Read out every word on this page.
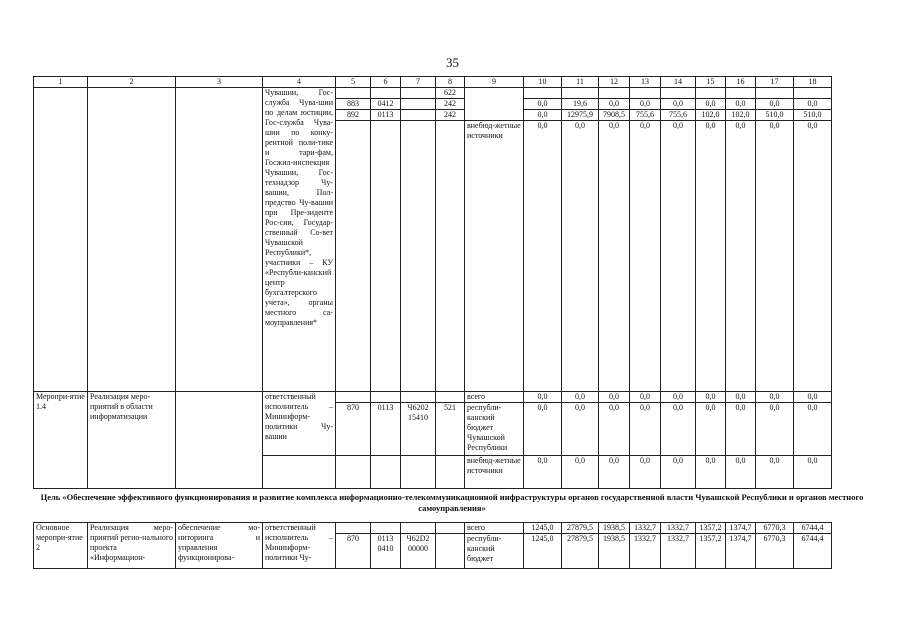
35
1	2	3	4	5	6	7	8	9	10	11	12	13	14	15	16	17	18
			Чувашии, Гос-служба Чува-шии по делам юстиции, Гос-служба Чува-шии по конку-рентной поли-тике и тари-фам, Госжил-инспекция Чувашии, Гос-технадзор Чу-вашии, Пол-предство Чу-вашии при Пре-зиденте Рос-сии, Государ-ственный Со-вет Чувашской Республики*, участники – КУ «Республи-канский центр бухгалтерского учета», органы местного са-моуправления*				622										
				883	0412		242		0,0	19,6	0,0	0,0	0,0	0,0	0,0	0,0	0,0
				892	0113		242		0,0	12975,9	7908,5	755,6	755,6	102,0	102,0	510,0	510,0
								внебюд-жетные источники	0,0	0,0	0,0	0,0	0,0	0,0	0,0	0,0	0,0
Меропри-ятие 1.4	Реализация меро-приятий в области информатизации		ответственный исполнитель – Мининформ-политики Чу-вашии					всего	0,0	0,0	0,0	0,0	0,0	0,0	0,0	0,0	0,0
				870	0113	Ч6202 15410	521	республи-канский бюджет Чувашской Республики	0,0	0,0	0,0	0,0	0,0	0,0	0,0	0,0	0,0
								внебюд-жетные источники	0,0	0,0	0,0	0,0	0,0	0,0	0,0	0,0	0,0
Цель «Обеспечение эффективного функционирования и развитие комплекса информационно-телекоммуникационной инфраструктуры органов государственной власти Чувашской Республики и органов местного самоуправления»
Основное меропри-ятие 2	Реализация меро-приятий регио-нального проекта «Информацион-	обеспечение мо-ниторинга и управления функционирова-	ответственный исполнитель – Мининформ-политики Чу-					всего	1245,0	27879,5	1938,5	1332,7	1332,7	1357,2	1374,7	6770,3	6744,4
				870	0113 0410	Ч62D2 00000		республи-канский бюджет	1245,0	27879,5	1938,5	1332,7	1332,7	1357,2	1374,7	6770,3	6744,4
